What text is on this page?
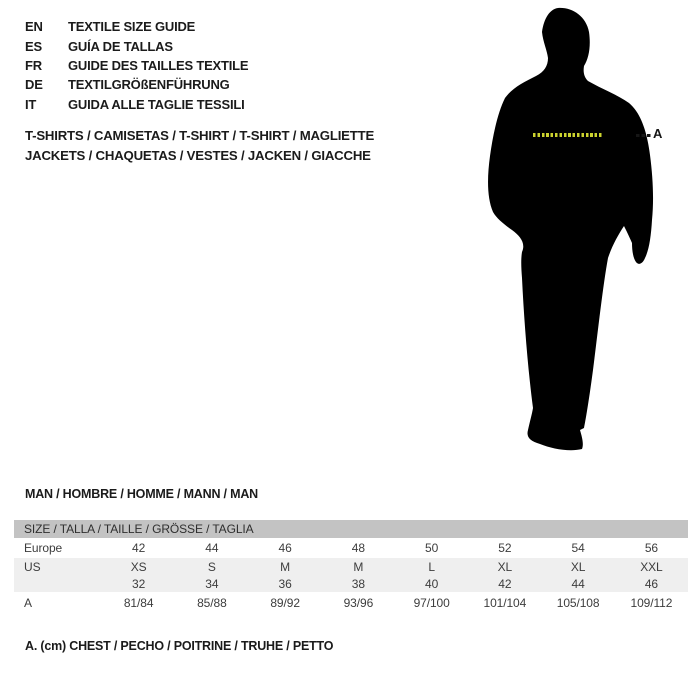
A
EN	TEXTILE SIZE GUIDE
ES	GUÍA DE TALLAS
FR	GUIDE DES TAILLES TEXTILE
DE	TEXTILGRÖßENFÜHRUNG
IT	GUIDA ALLE TAGLIE TESSILI
T-SHIRTS / CAMISETAS / T-SHIRT / T-SHIRT / MAGLIETTE
JACKETS / CHAQUETAS / VESTES / JACKEN / GIACCHE
MAN / HOMBRE / HOMME / MANN / MAN
SIZE / TALLA / TAILLE / GRÖSSE / TAGLIA								
Europe	42	44	46	48	50	52	54	56
US	XS	S	M	M	L	XL	XL	XXL
	32	34	36	38	40	42	44	46
A	81/84	85/88	89/92	93/96	97/100	101/104	105/108	109/112

A. (cm) CHEST / PECHO / POITRINE / TRUHE / PETTO
